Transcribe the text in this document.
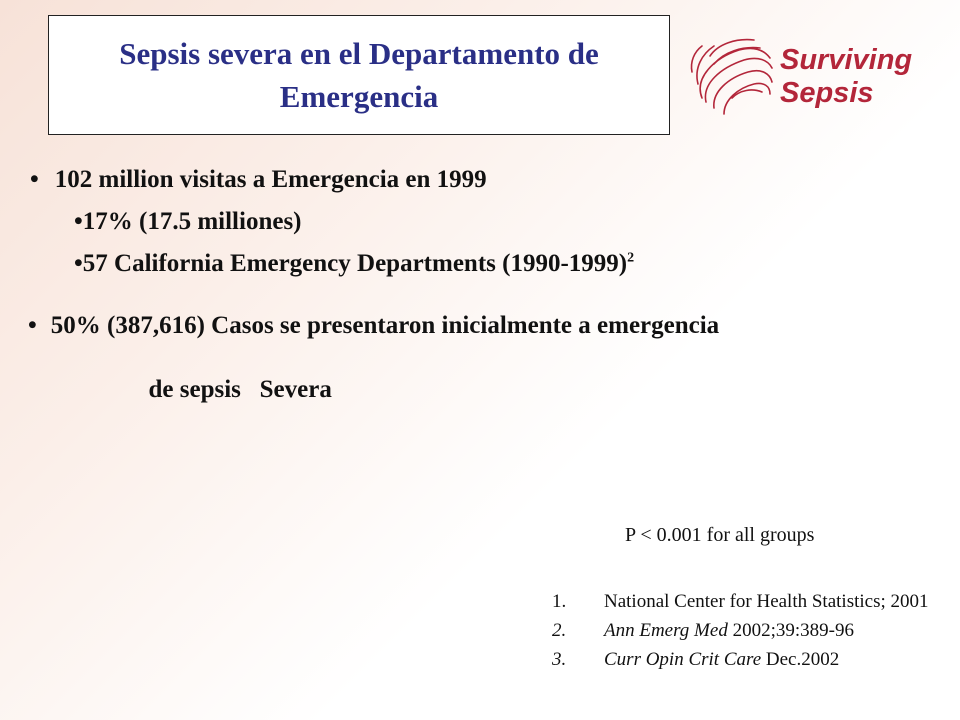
Sepsis severa en el Departamento de Emergencia
Surviving
Sepsis
• 102 million visitas a Emergencia en 1999
•17% (17.5 milliones)
•57 California Emergency Departments (1990-1999)$^2$
• 50% (387,616) Casos se presentaron inicialmente a emergencia

de sepsis   Severa

P < 0.001 for all groups
1. National Center for Health Statistics; 2001
2. Ann Emerg Med 2002;39:389-96
3. Curr Opin Crit Care Dec.2002
